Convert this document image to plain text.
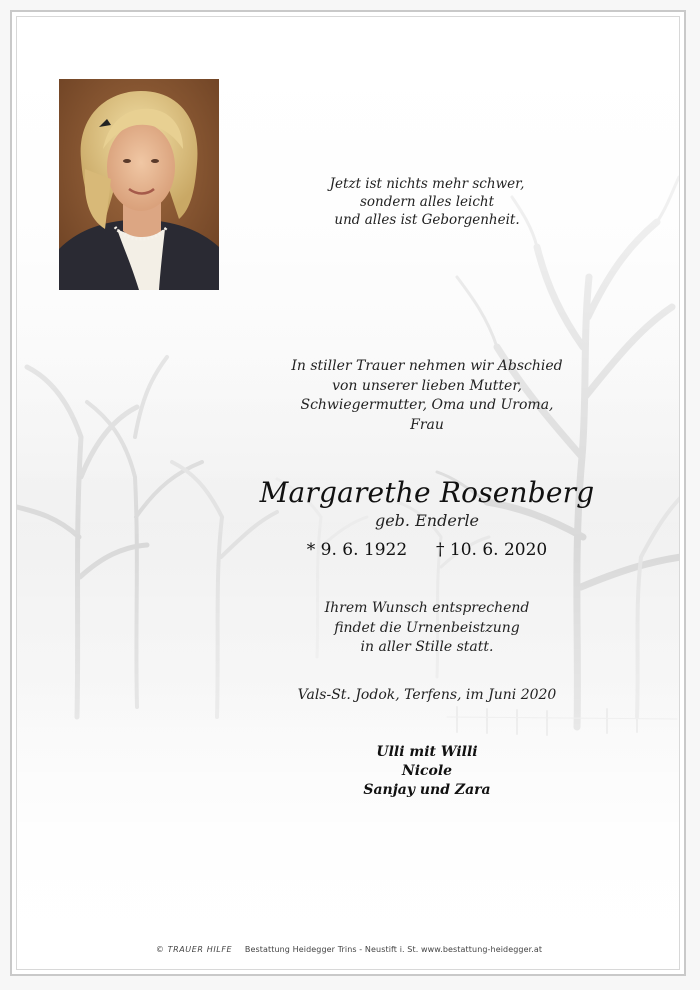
Jetzt ist nichts mehr schwer,
sondern alles leicht
und alles ist Geborgenheit.
In stiller Trauer nehmen wir Abschied
von unserer lieben Mutter,
Schwiegermutter, Oma und Uroma,
Frau
Margarethe Rosenberg
geb. Enderle
* 9. 6. 1922 † 10. 6. 2020
Ihrem Wunsch entsprechend
findet die Urnenbeistzung
in aller Stille statt.
Vals-St. Jodok, Terfens, im Juni 2020
Ulli mit Willi
Nicole
Sanjay und Zara
© TRAUER HILFE Bestattung Heidegger Trins - Neustift i. St. www.bestattung-heidegger.at
